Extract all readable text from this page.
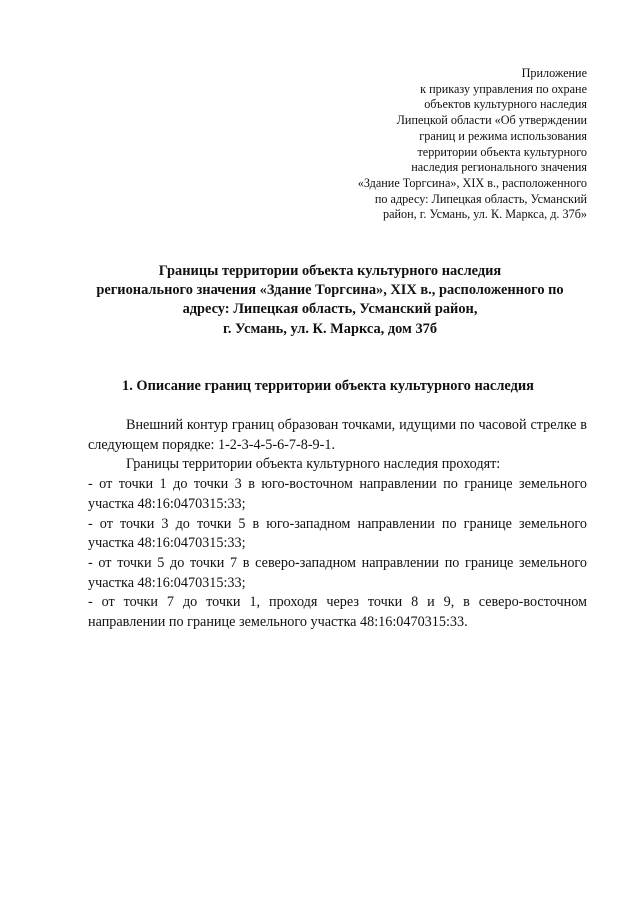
Приложение
к приказу управления по охране
объектов культурного наследия
Липецкой области «Об утверждении
границ и режима использования
территории объекта культурного
наследия регионального значения
«Здание Торгсина», XIX в., расположенного
по адресу: Липецкая область, Усманский
район, г. Усмань, ул. К. Маркса, д. 37б»
Границы территории объекта культурного наследия
регионального значения «Здание Торгсина», XIX в., расположенного по
адресу: Липецкая область, Усманский район,
г. Усмань, ул. К. Маркса, дом 37б
1. Описание границ территории объекта культурного наследия

Внешний контур границ образован точками, идущими по часовой стрелке в следующем порядке: 1-2-3-4-5-6-7-8-9-1.

Границы территории объекта культурного наследия проходят:

- от точки 1 до точки 3 в юго-восточном направлении по границе земельного участка 48:16:0470315:33;

- от точки 3 до точки 5 в юго-западном направлении по границе земельного участка 48:16:0470315:33;

- от точки 5 до точки 7 в северо-западном направлении по границе земельного участка 48:16:0470315:33;

- от точки 7 до точки 1, проходя через точки 8 и 9, в северо-восточном направлении по границе земельного участка 48:16:0470315:33.
